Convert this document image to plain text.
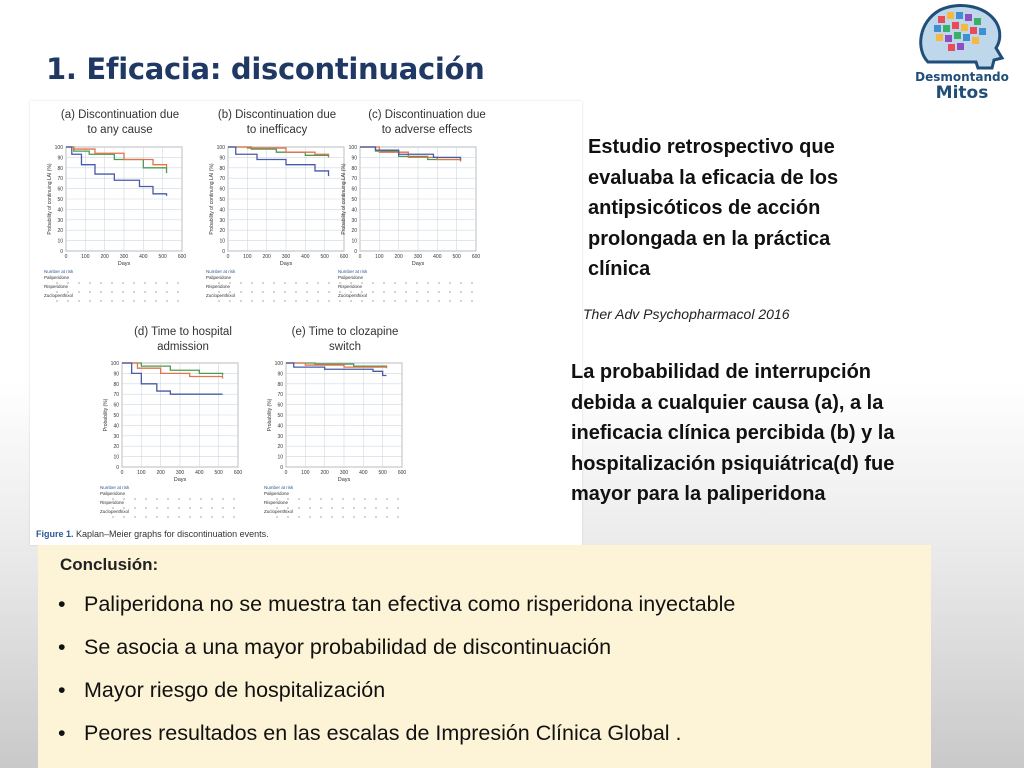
1. Eficacia: discontinuación	Desmontando
Mitos
(a) Discontinuation due
to any cause
(b) Discontinuation due
to inefficacy
(c) Discontinuation due
to adverse effects
(d) Time to hospital
admission
(e) Time to clozapine
switch
100
90
80
70
60
50
40
30
20
10
0
0	100 200 300 400 500 600
Days
Probability of continuing LAI (%)
Number at risk
Paliperidone
Risperidone
Zuclopenthixol
100
90
80
70
60
50
40
30
20
10
0
0	100 200 300 400 500 600
Days
Probability of continuing LAI (%)
Number at risk
Paliperidone
Risperidone
Zuclopenthixol
100
90
80
70
60
50
40
30
20
10
0
0	100 200 300 400 500 600
Days
Probability of continuing LAI (%)
Number at risk
Paliperidone
Risperidone
Zuclopenthixol
100
90
80
70
60
50
40
30
20
10
0
0	100 200 300 400 500 600
Days
Probability (%)
Number at risk
Paliperidone
Risperidone
Zuclopenthixol
100
90
80
70
60
50
40
30
20
10
0
0	100 200 300 400 500 600
Days
Probability (%)
Number at risk
Paliperidone
Risperidone
Zuclopenthixol
Figure 1. Kaplan–Meier graphs for discontinuation events.
Estudio retrospectivo que
evaluaba la eficacia de los
antipsicóticos de acción
prolongada en la práctica
clínica
Ther Adv Psychopharmacol 2016
La probabilidad de interrupción
debida a cualquier causa (a), a la
ineficacia clínica percibida (b) y la
hospitalización psiquiátrica(d) fue
mayor para la paliperidona
Conclusión:
• Paliperidona no se muestra tan efectiva como risperidona inyectable
• Se asocia a una mayor probabilidad de discontinuación
• Mayor riesgo de hospitalización
• Peores resultados en las escalas de Impresión Clínica Global .
